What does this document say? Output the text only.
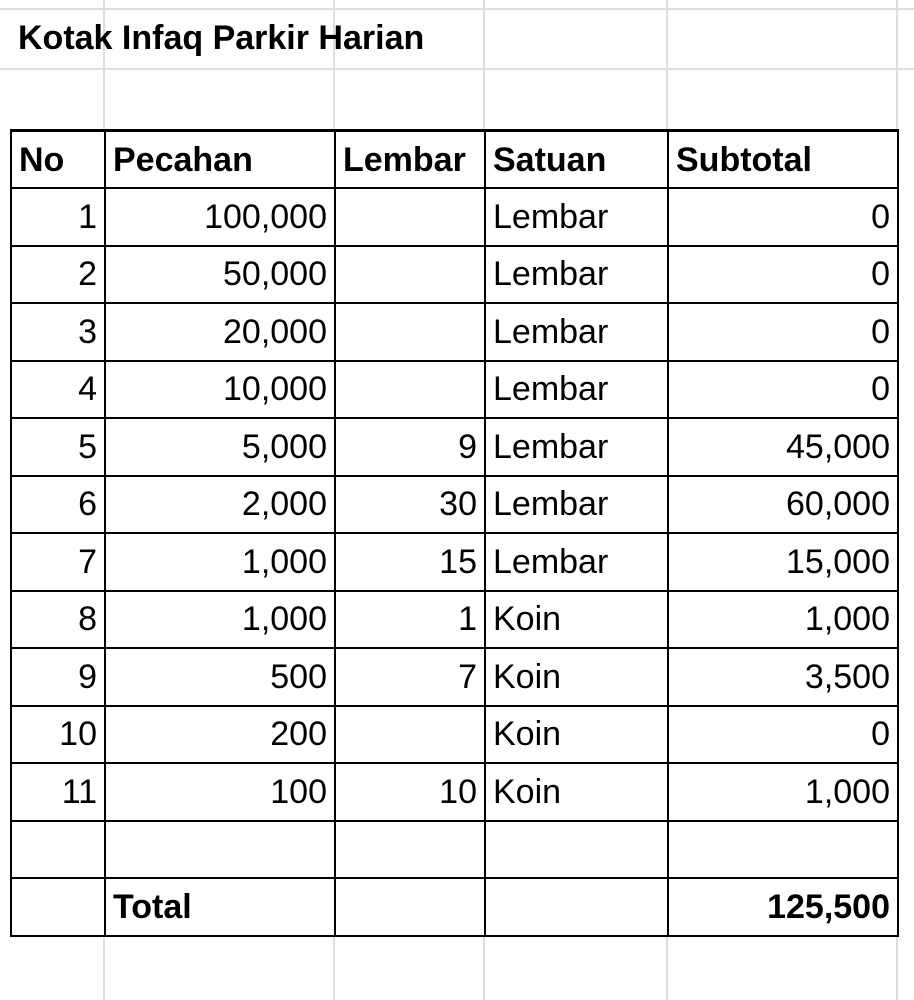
Kotak Infaq Parkir Harian
No	Pecahan	Lembar	Satuan	Subtotal
1	100,000		Lembar	0
2	50,000		Lembar	0
3	20,000		Lembar	0
4	10,000		Lembar	0
5	5,000	9	Lembar	45,000
6	2,000	30	Lembar	60,000
7	1,000	15	Lembar	15,000
8	1,000	1	Koin	1,000
9	500	7	Koin	3,500
10	200		Koin	0
11	100	10	Koin	1,000

	Total			125,500
